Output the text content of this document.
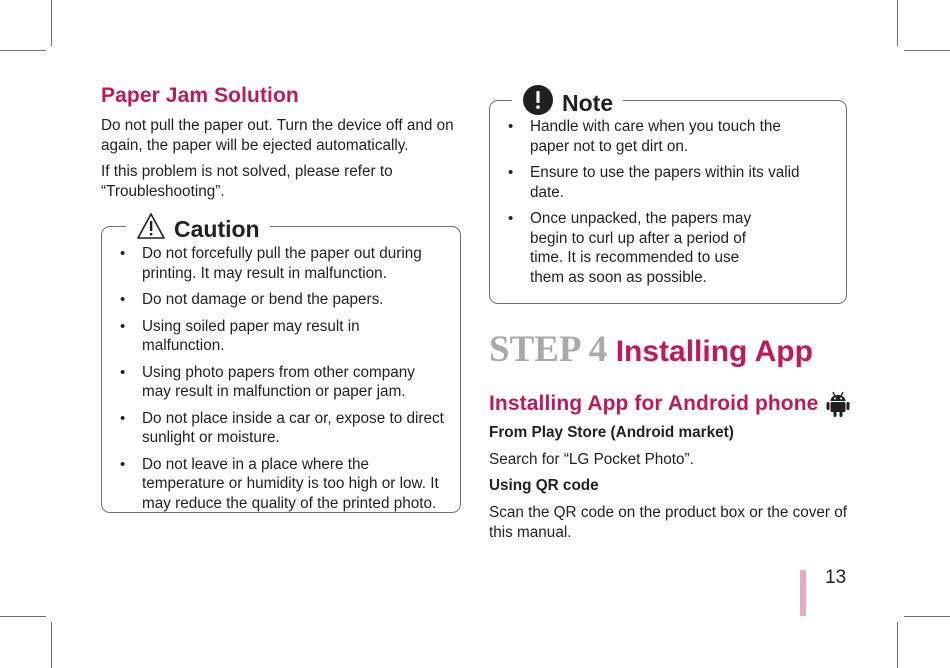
Paper Jam Solution

Do not pull the paper out. Turn the device off and on again, the paper will be ejected automatically.

If this problem is not solved, please refer to “Troubleshooting”.

Caution
• Do not forcefully pull the paper out during printing. It may result in malfunction.
• Do not damage or bend the papers.
• Using soiled paper may result in malfunction.
• Using photo papers from other company may result in malfunction or paper jam.
• Do not place inside a car or, expose to direct sunlight or moisture.
• Do not leave in a place where the temperature or humidity is too high or low. It may reduce the quality of the printed photo.
Note
• Handle with care when you touch the paper not to get dirt on.
• Ensure to use the papers within its valid date.
• Once unpacked, the papers may begin to curl up after a period of time. It is recommended to use them as soon as possible.
STEP 4 Installing App
Installing App for Android phone

From Play Store (Android market)

Search for “LG Pocket Photo”.

Using QR code

Scan the QR code on the product box or the cover of this manual.

13
